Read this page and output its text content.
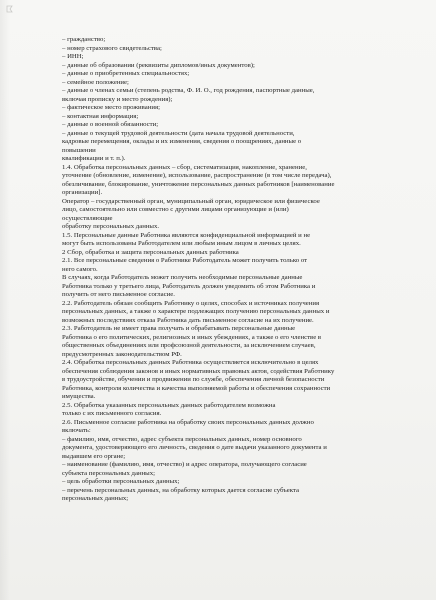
– гражданство;
– номер страхового свидетельства;
– ИНН;
– данные об образовании (реквизиты дипломов/иных документов);
– данные о приобретенных специальностях;
– семейное положение;
– данные о членах семьи (степень родства, Ф. И. О., год рождения, паспортные данные,
включая прописку и место рождения);
– фактическое место проживания;
– контактная информация;
– данные о военной обязанности;
– данные о текущей трудовой деятельности (дата начала трудовой деятельности,
кадровые перемещения, оклады и их изменения, сведения о поощрениях, данные о
повышении
квалификации и т. п.).
1.4. Обработка персональных данных – сбор, систематизация, накопление, хранение,
уточнение (обновление, изменение), использование, распространение (в том числе передача),
обезличивание, блокирование, уничтожение персональных данных работников [наименование
организации].
Оператор – государственный орган, муниципальный орган, юридическое или физическое
лицо, самостоятельно или совместно с другими лицами организующие и (или)
осуществляющие
обработку персональных данных.
1.5. Персональные данные Работника являются конфиденциальной информацией и не
могут быть использованы Работодателем или любым иным лицом в личных целях.
2 Сбор, обработка и защита персональных данных работника
2.1. Все персональные сведения о Работнике Работодатель может получить только от
него самого.
В случаях, когда Работодатель может получить необходимые персональные данные
Работника только у третьего лица, Работодатель должен уведомить об этом Работника и
получить от него письменное согласие.
2.2. Работодатель обязан сообщить Работнику о целях, способах и источниках получения
персональных данных, а также о характере подлежащих получению персональных данных и
возможных последствиях отказа Работника дать письменное согласие на их получение.
2.3. Работодатель не имеет права получать и обрабатывать персональные данные
Работника о его политических, религиозных и иных убеждениях, а также о его членстве в
общественных объединениях или профсоюзной деятельности, за исключением случаев,
предусмотренных законодательством РФ.
2.4. Обработка персональных данных Работника осуществляется исключительно в целях
обеспечения соблюдения законов и иных нормативных правовых актов, содействия Работнику
в трудоустройстве, обучении и продвижении по службе, обеспечения личной безопасности
Работника, контроля количества и качества выполняемой работы и обеспечения сохранности
имущества.
2.5. Обработка указанных персональных данных работодателем возможна
только с их письменного согласия.
2.6. Письменное согласие работника на обработку своих персональных данных должно
включать:
– фамилию, имя, отчество, адрес субъекта персональных данных, номер основного
документа, удостоверяющего его личность, сведения о дате выдачи указанного документа и
выдавшем его органе;
– наименование (фамилию, имя, отчество) и адрес оператора, получающего согласие
субъекта персональных данных;
– цель обработки персональных данных;
– перечень персональных данных, на обработку которых дается согласие субъекта
персональных данных;
